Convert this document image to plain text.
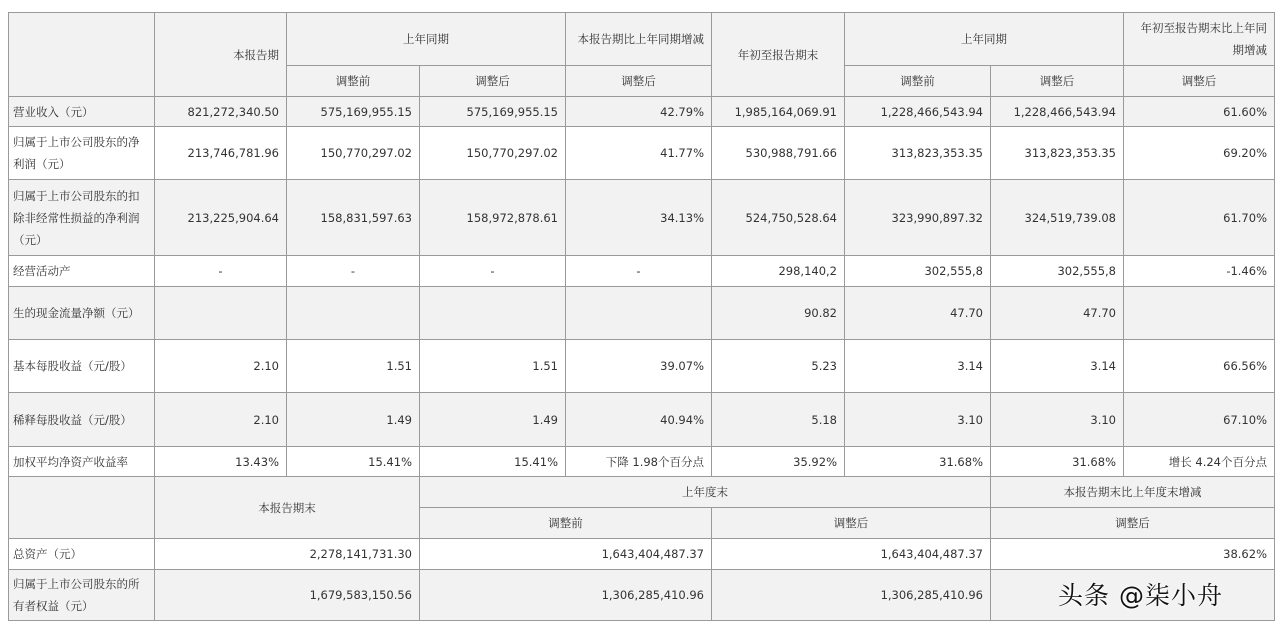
	本报告期	上年同期		本报告期比上年同期增减	年初至报告期末	上年同期		年初至报告期末比上年同期增减
		调整前	调整后	调整后		调整前	调整后	调整后
营业收入（元）	821,272,340.50	575,169,955.15	575,169,955.15	42.79%	1,985,164,069.91	1,228,466,543.94	1,228,466,543.94	61.60%
归属于上市公司股东的净利润（元）	213,746,781.96	150,770,297.02	150,770,297.02	41.77%	530,988,791.66	313,823,353.35	313,823,353.35	69.20%
归属于上市公司股东的扣除非经常性损益的净利润（元）	213,225,904.64	158,831,597.63	158,972,878.61	34.13%	524,750,528.64	323,990,897.32	324,519,739.08	61.70%
经营活动产	-	-	-	-	298,140,2	302,555,8	302,555,8	-1.46%
生的现金流量净额（元）					90.82	47.70	47.70	
基本每股收益（元/股）	2.10	1.51	1.51	39.07%	5.23	3.14	3.14	66.56%
稀释每股收益（元/股）	2.10	1.49	1.49	40.94%	5.18	3.10	3.10	67.10%
加权平均净资产收益率	13.43%	15.41%	15.41%	下降 1.98个百分点	35.92%	31.68%	31.68%	增长 4.24个百分点
	本报告期末		上年度末				本报告期末比上年度末增减	
			调整前		调整后		调整后	
总资产（元）	2,278,141,731.30		1,643,404,487.37		1,643,404,487.37		38.62%	
归属于上市公司股东的所有者权益（元）	1,679,583,150.56		1,306,285,410.96		1,306,285,410.96				头条 @柒小舟
